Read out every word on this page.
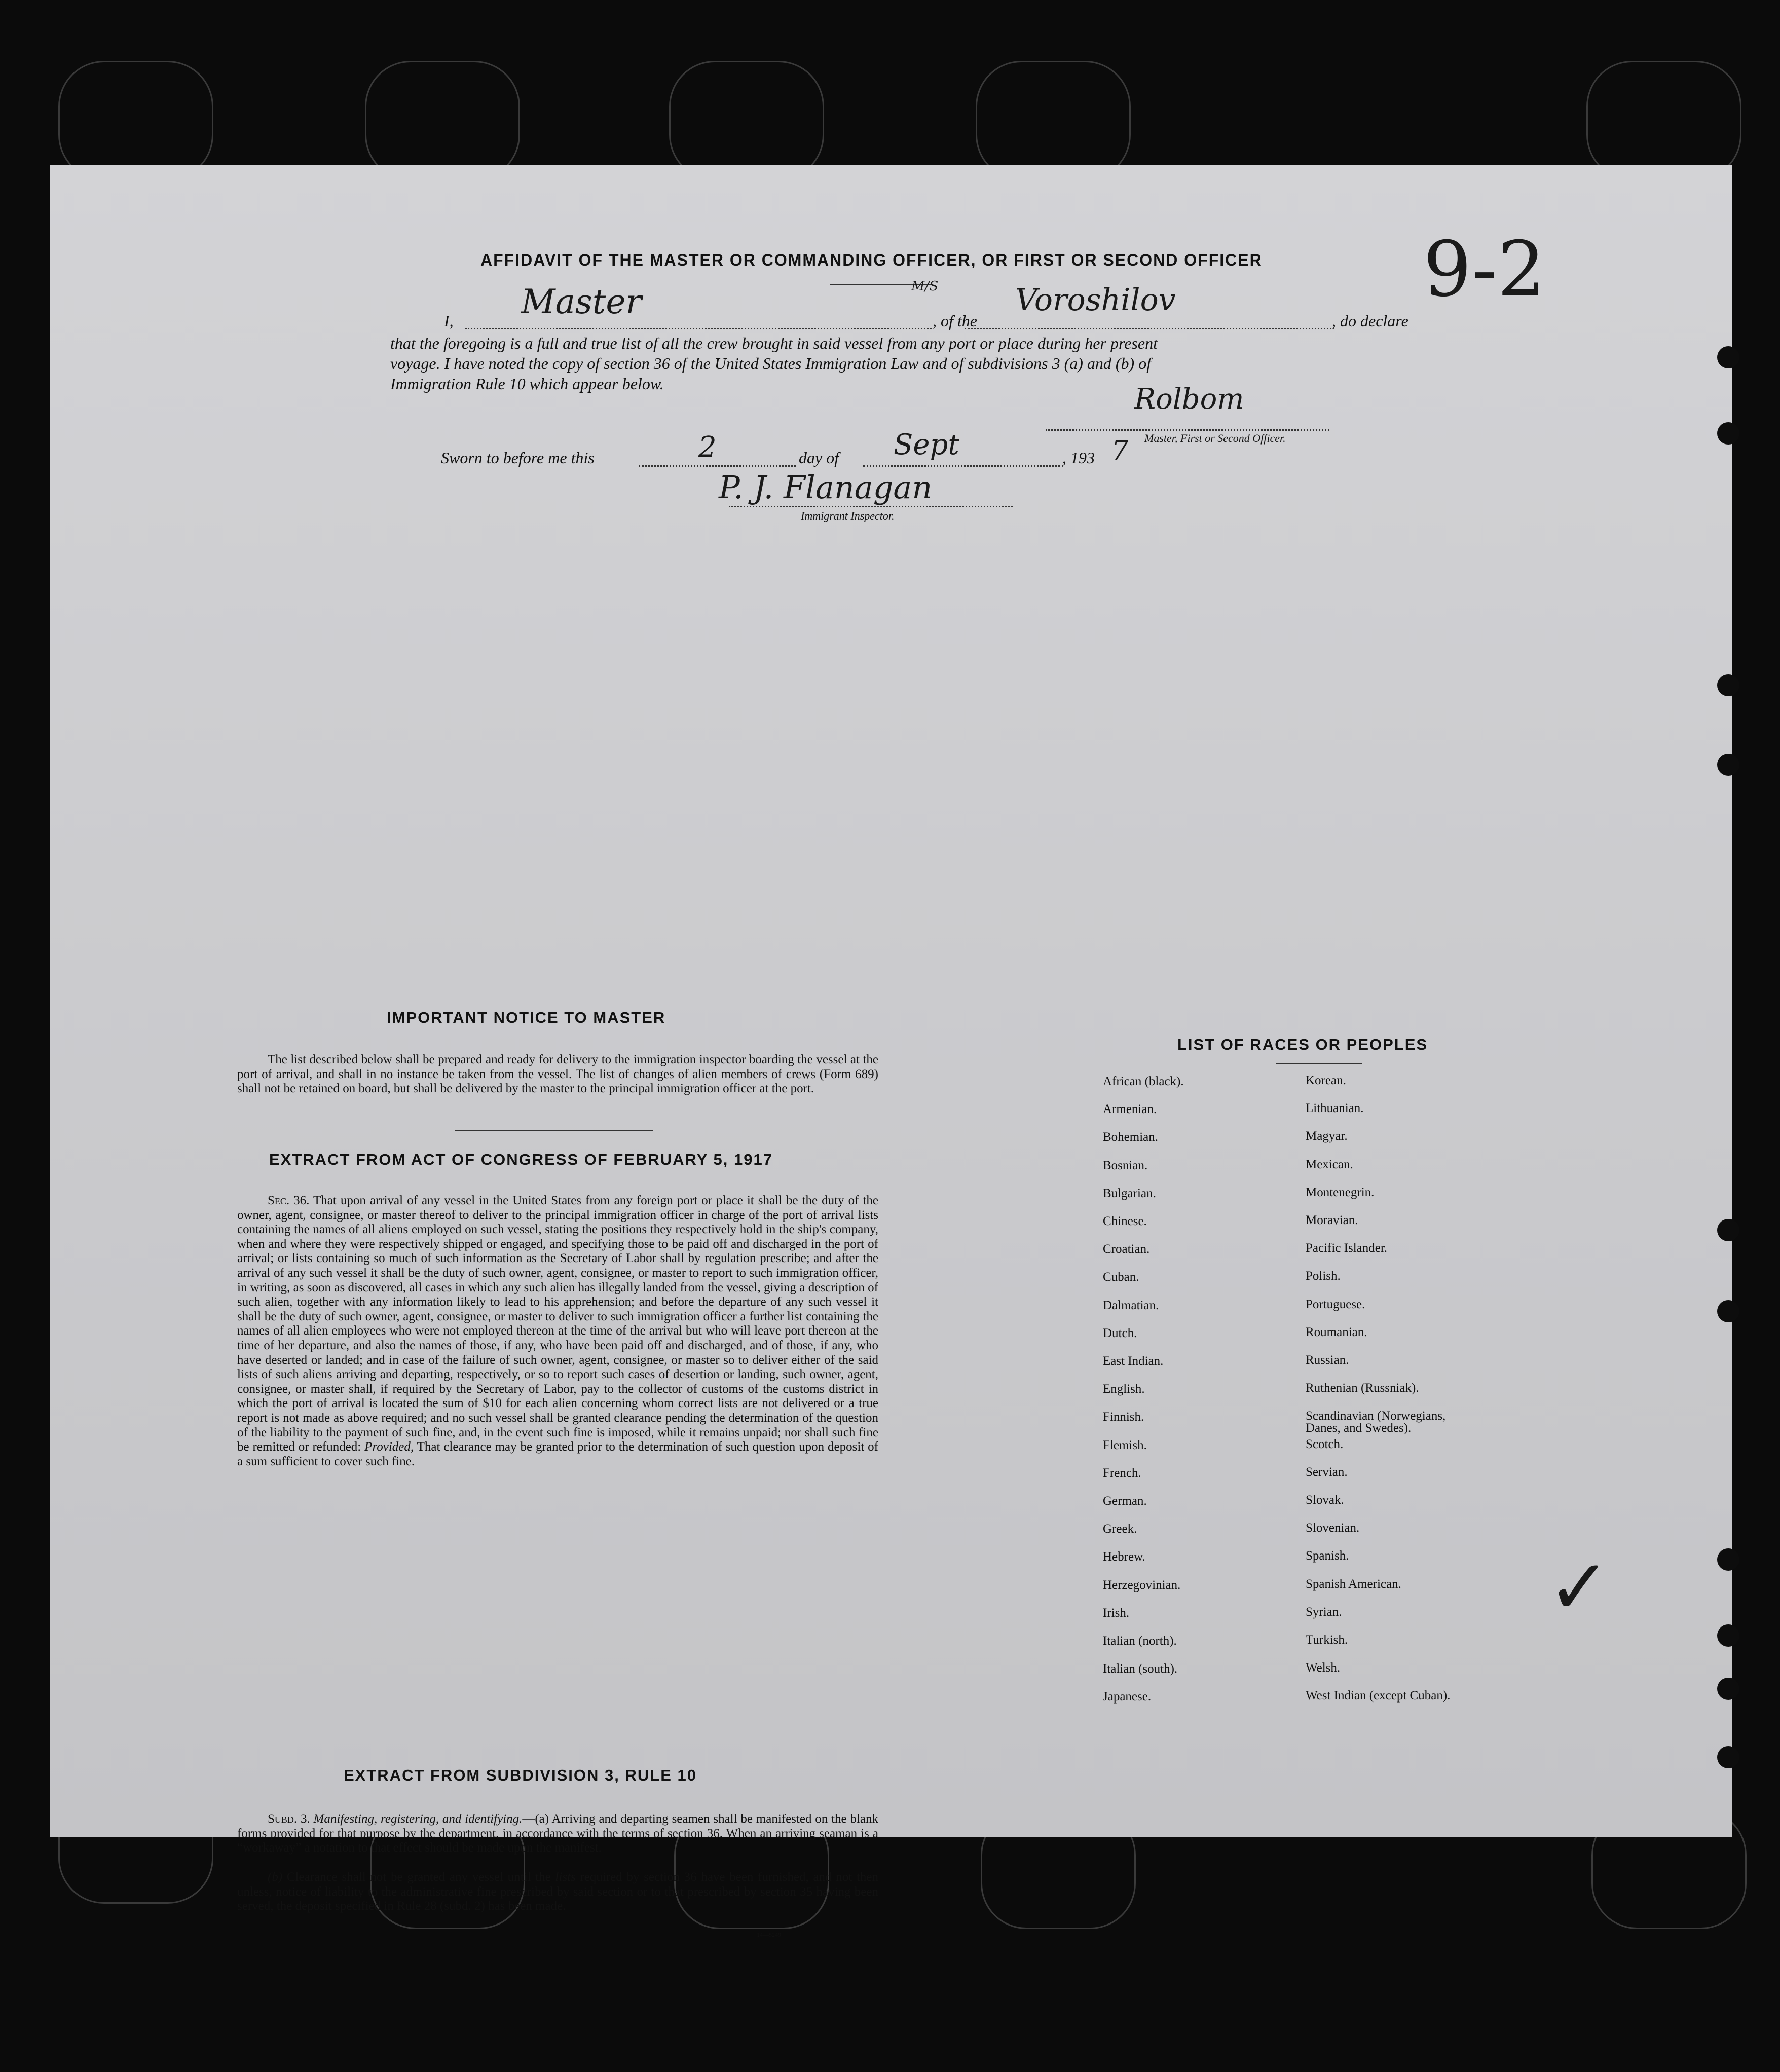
AFFIDAVIT OF THE MASTER OR COMMANDING OFFICER, OR FIRST OR SECOND OFFICER
I, Master	M/S
, of the
Voroshilov
, do declare
that the foregoing is a full and true list of all the crew brought in said vessel from any port or place during her present
voyage. I have noted the copy of section 36 of the United States Immigration Law and of subdivisions 3 (a) and (b) of
Immigration Rule 10 which appear below.	Rolbom
Master, First or Second Officer.
Sworn to before me this	2	day of Sept	, 193 7
P. J. Flanagan
Immigrant Inspector.
9-2
IMPORTANT NOTICE TO MASTER
The list described below shall be prepared and ready for delivery to the immigration inspector boarding the vessel at the port of arrival, and shall in no instance be taken from the vessel. The list of changes of alien members of crews (Form 689) shall not be retained on board, but shall be delivered by the master to the principal immigration officer at the port.
EXTRACT FROM ACT OF CONGRESS OF FEBRUARY 5, 1917
Sec. 36. That upon arrival of any vessel in the United States from any foreign port or place it shall be the duty of the owner, agent, consignee, or master thereof to deliver to the principal immigration officer in charge of the port of arrival lists containing the names of all aliens employed on such vessel, stating the positions they respectively hold in the ship's company, when and where they were respectively shipped or engaged, and specifying those to be paid off and discharged in the port of arrival; or lists containing so much of such information as the Secretary of Labor shall by regulation prescribe; and after the arrival of any such vessel it shall be the duty of such owner, agent, consignee, or master to report to such immigration officer, in writing, as soon as discovered, all cases in which any such alien has illegally landed from the vessel, giving a description of such alien, together with any information likely to lead to his apprehension; and before the departure of any such vessel it shall be the duty of such owner, agent, consignee, or master to deliver to such immigration officer a further list containing the names of all alien employees who were not employed thereon at the time of the arrival but who will leave port thereon at the time of her departure, and also the names of those, if any, who have been paid off and discharged, and of those, if any, who have deserted or landed; and in case of the failure of such owner, agent, consignee, or master so to deliver either of the said lists of such aliens arriving and departing, respectively, or so to report such cases of desertion or landing, such owner, agent, consignee, or master shall, if required by the Secretary of Labor, pay to the collector of customs of the customs district in which the port of arrival is located the sum of $10 for each alien concerning whom correct lists are not delivered or a true report is not made as above required; and no such vessel shall be granted clearance pending the determination of the question of the liability to the payment of such fine, and, in the event such fine is imposed, while it remains unpaid; nor shall such fine be remitted or refunded: Provided, That clearance may be granted prior to the determination of such question upon deposit of a sum sufficient to cover such fine.
EXTRACT FROM SUBDIVISION 3, RULE 10
Subd. 3. Manifesting, registering, and identifying.—(a) Arriving and departing seamen shall be manifested on the blank forms provided for that purpose by the department, in accordance with the terms of section 36. When an arriving seaman is a “workaway” a notation to that effect should be made upon the manifest.
(b) Clearance shall not be granted any vessel until the lists required by section 36 have been furnished, and not then unless, notice of liability to the administrative fine prescribed by said section or to that prescribed by section 35 having been served, the deposit specified in Rule 28 (subd. 2) has been made.
14—5249
LIST OF RACES OR PEOPLES
African (black).
Armenian.
Bohemian.
Bosnian.
Bulgarian.
Chinese.
Croatian.
Cuban.
Dalmatian.
Dutch.
East Indian.
English.
Finnish.
Flemish.
French.
German.
Greek.
Hebrew.
Herzegovinian.
Irish.
Italian (north).
Italian (south).
Japanese.
Korean.
Lithuanian.
Magyar.
Mexican.
Montenegrin.
Moravian.
Pacific Islander.
Polish.
Portuguese.
Roumanian.
Russian.
Ruthenian (Russniak).
Scandinavian (Norwegians, Danes, and Swedes).
Scotch.
Servian.
Slovak.
Slovenian.
Spanish.
Spanish American.
Syrian.
Turkish.
Welsh.
West Indian (except Cuban).
✓
